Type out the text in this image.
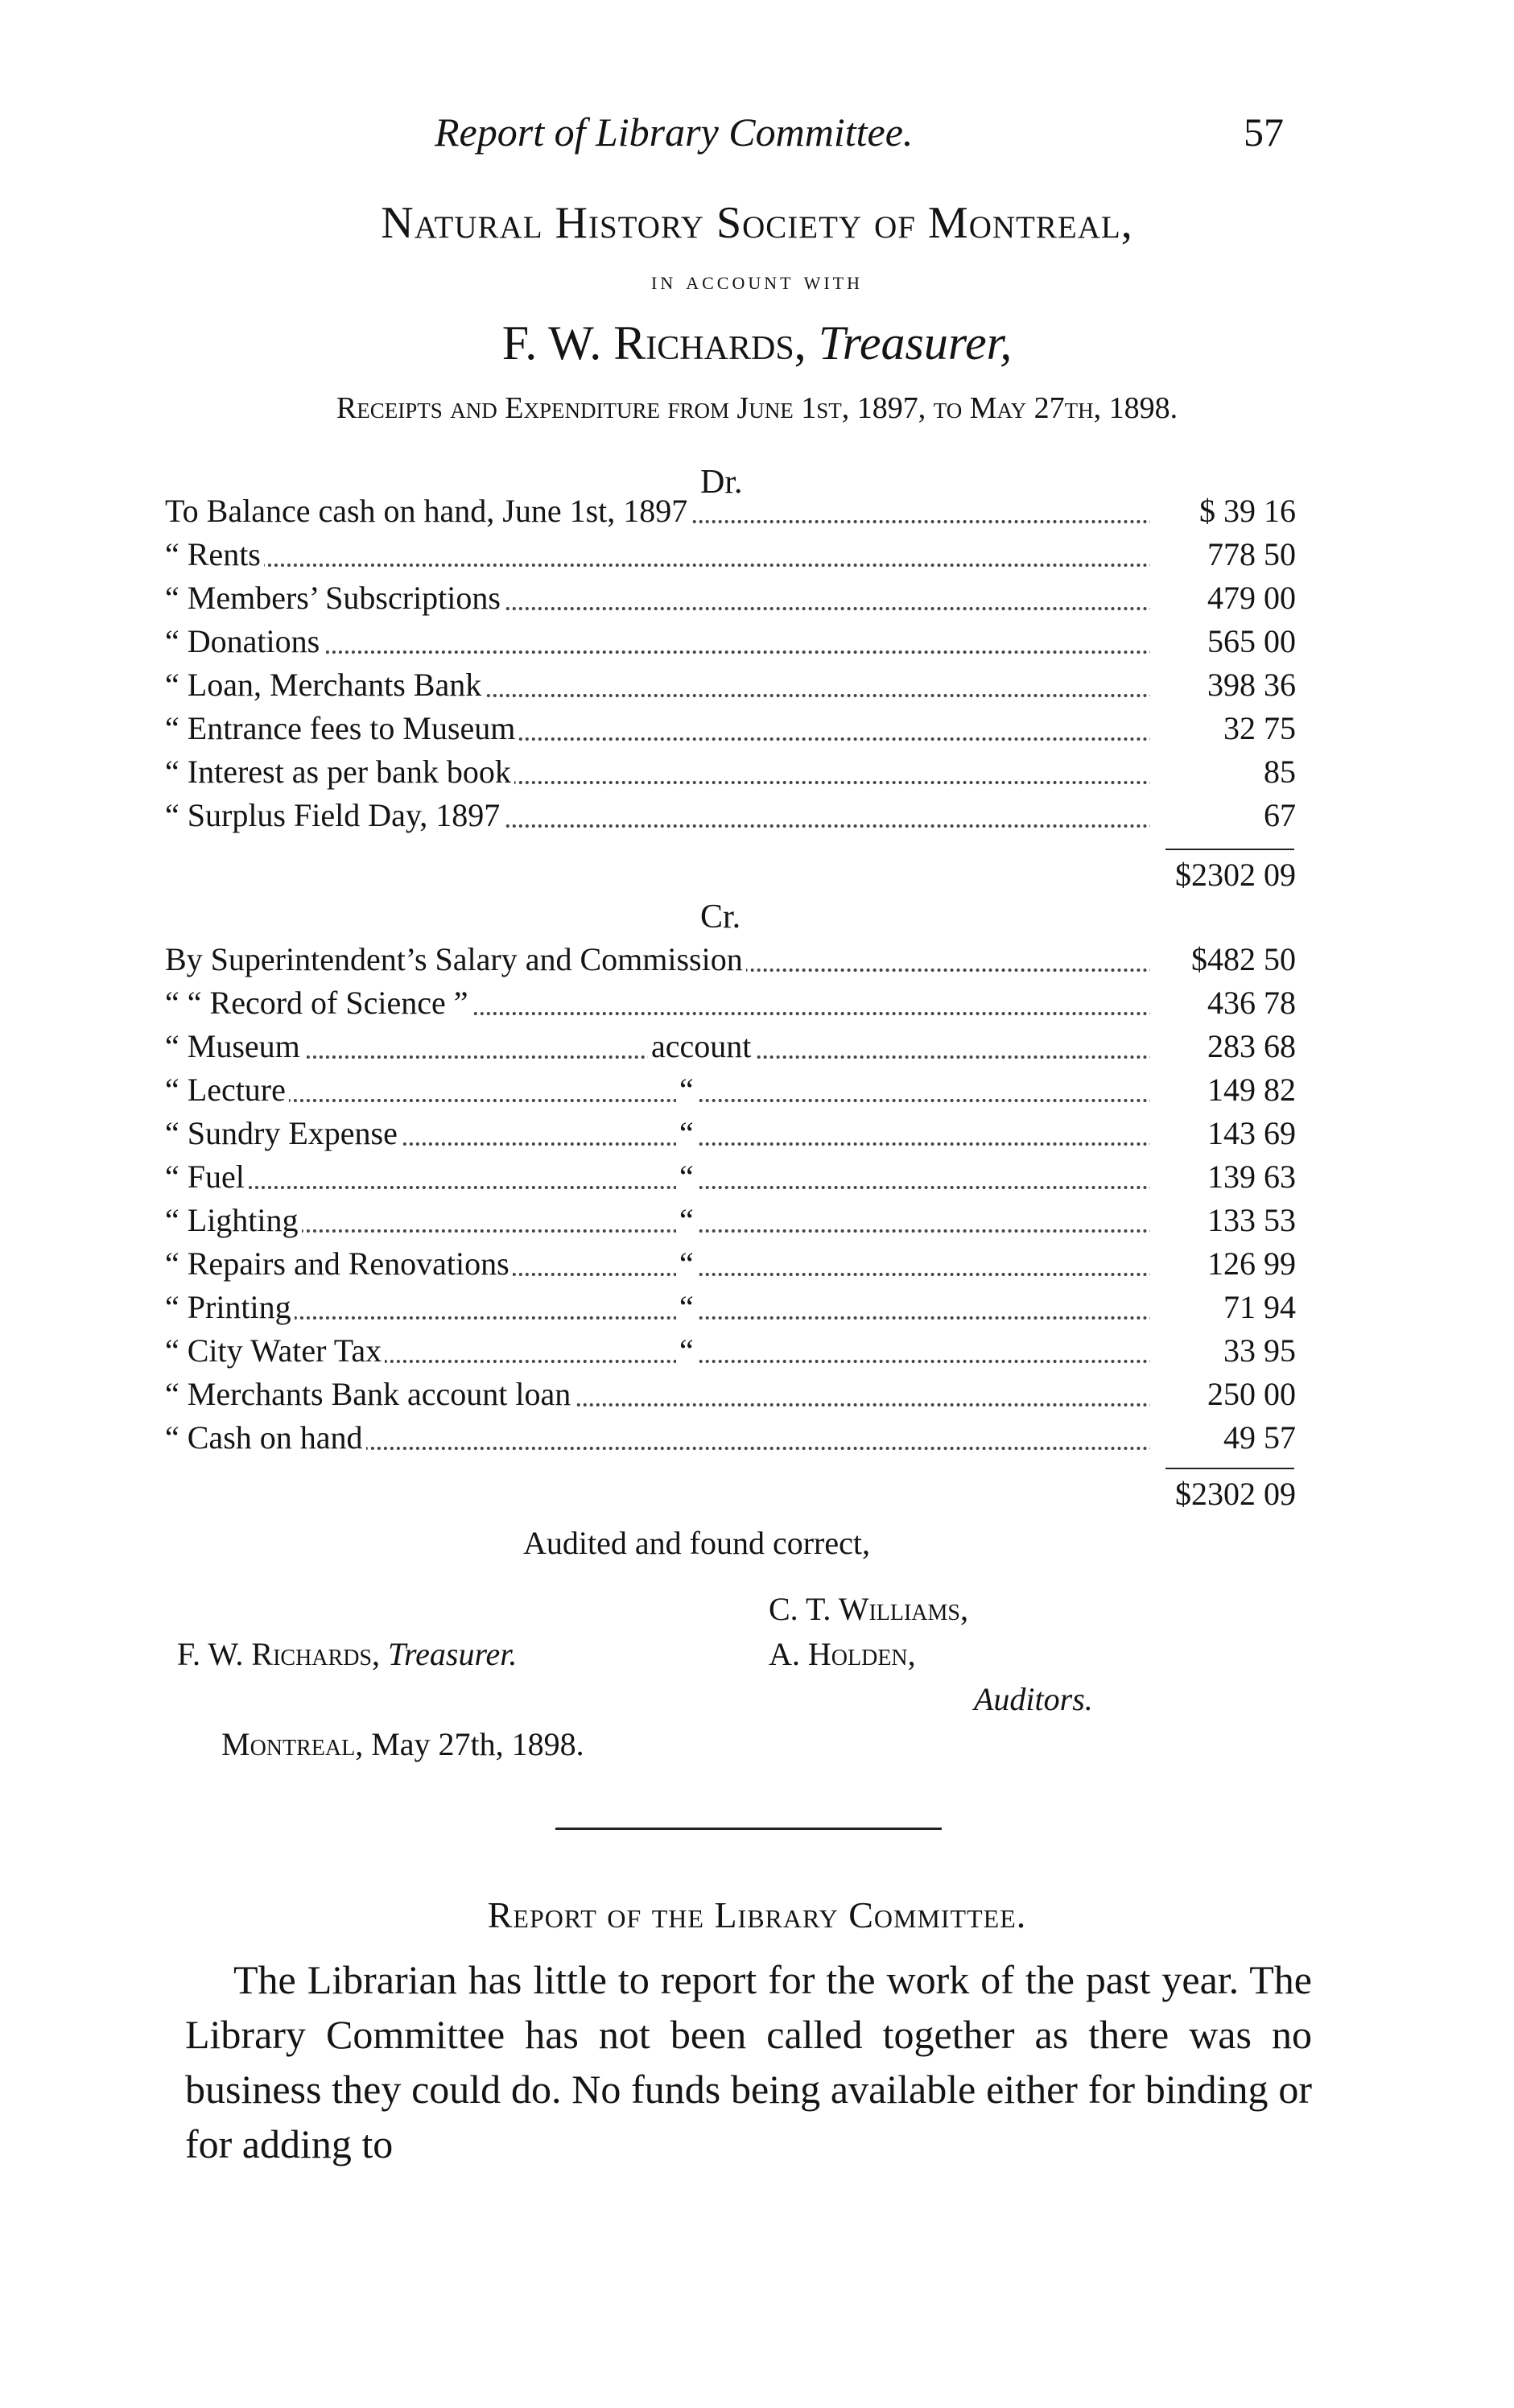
Report of Library Committee.	57
Natural History Society of Montreal,
in account with
F. W. Richards, Treasurer,
Receipts and Expenditure from June 1st, 1897, to May 27th, 1898.
Dr.
To Balance cash on hand, June 1st, 1897	$ 39 16
“ Rents	778 50
“ Members’ Subscriptions	479 00
“ Donations	565 00
“ Loan, Merchants Bank	398 36
“ Entrance fees to Museum	32 75
“ Interest as per bank book	85
“ Surplus Field Day, 1897	67
$2302 09
Cr.
By Superintendent’s Salary and Commission	$482 50
“ “ Record of Science ”	436 78
“ Museum	account	283 68
“ Lecture	“	149 82
“ Sundry Expense	“	143 69
“ Fuel	“	139 63
“ Lighting	“	133 53
“ Repairs and Renovations	“	126 99
“ Printing	“	71 94
“ City Water Tax	“	33 95
“ Merchants Bank account loan	250 00
“ Cash on hand	49 57
$2302 09
Audited and found correct,
C. T. Williams,
F. W. Richards, Treasurer.	A. Holden,
Auditors.
Montreal, May 27th, 1898.
Report of the Library Committee.

The Librarian has little to report for the work of the past year. The Library Committee has not been called together as there was no business they could do. No funds being available either for binding or for adding to
